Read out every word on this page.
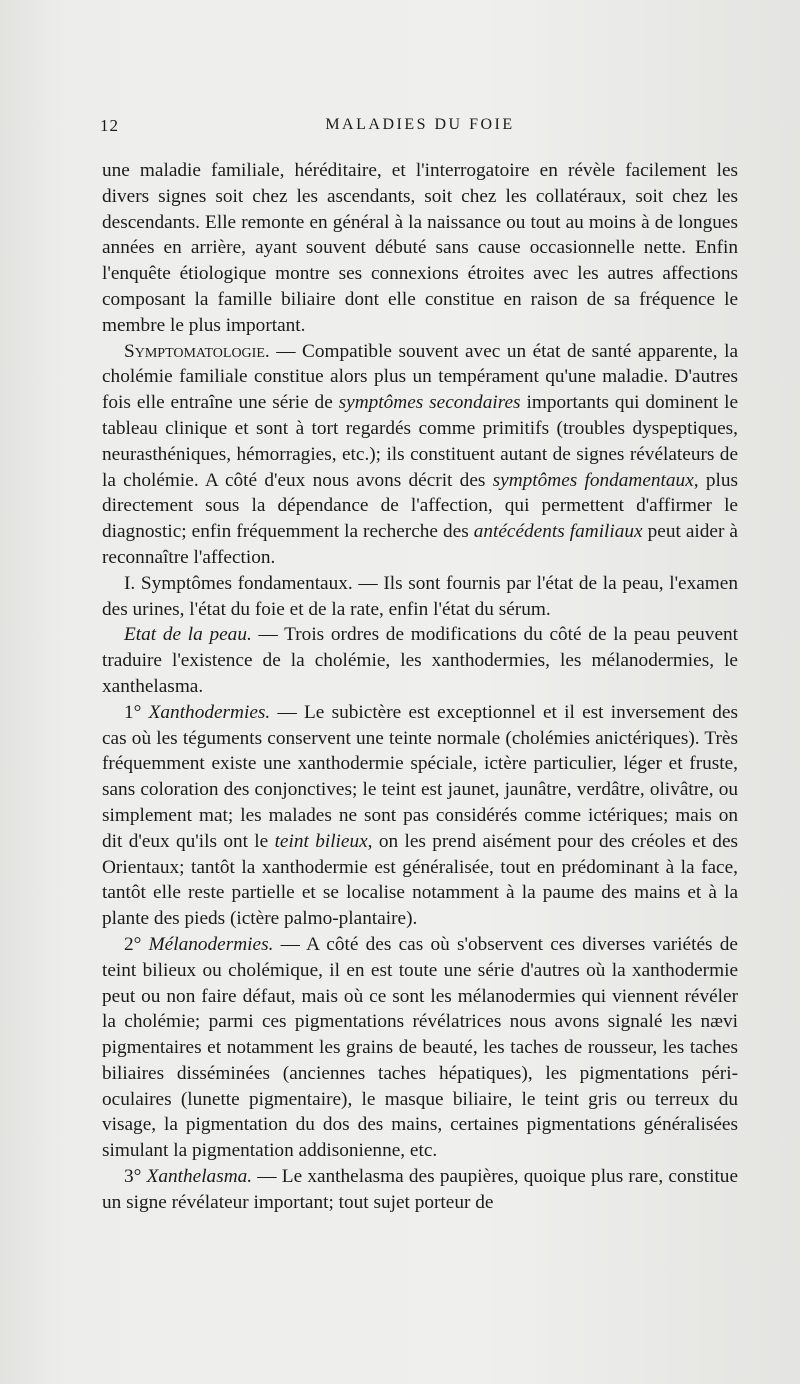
12	MALADIES DU FOIE

une maladie familiale, héréditaire, et l'interrogatoire en révèle facilement les divers signes soit chez les ascendants, soit chez les collatéraux, soit chez les descendants. Elle remonte en général à la naissance ou tout au moins à de longues années en arrière, ayant souvent débuté sans cause occasionnelle nette. Enfin l'enquête étiologique montre ses connexions étroites avec les autres affections composant la famille biliaire dont elle constitue en raison de sa fréquence le membre le plus important.

Symptomatologie. — Compatible souvent avec un état de santé apparente, la cholémie familiale constitue alors plus un tempérament qu'une maladie. D'autres fois elle entraîne une série de symptômes secondaires importants qui dominent le tableau clinique et sont à tort regardés comme primitifs (troubles dyspeptiques, neurasthéniques, hémorragies, etc.); ils constituent autant de signes révélateurs de la cholémie. A côté d'eux nous avons décrit des symptômes fondamentaux, plus directement sous la dépendance de l'affection, qui permettent d'affirmer le diagnostic; enfin fréquemment la recherche des antécédents familiaux peut aider à reconnaître l'affection.

I. Symptômes fondamentaux. — Ils sont fournis par l'état de la peau, l'examen des urines, l'état du foie et de la rate, enfin l'état du sérum.

Etat de la peau. — Trois ordres de modifications du côté de la peau peuvent traduire l'existence de la cholémie, les xanthodermies, les mélanodermies, le xanthelasma.

1° Xanthodermies. — Le subictère est exceptionnel et il est inversement des cas où les téguments conservent une teinte normale (cholémies anictériques). Très fréquemment existe une xanthodermie spéciale, ictère particulier, léger et fruste, sans coloration des conjonctives; le teint est jaunet, jaunâtre, verdâtre, olivâtre, ou simplement mat; les malades ne sont pas considérés comme ictériques; mais on dit d'eux qu'ils ont le teint bilieux, on les prend aisément pour des créoles et des Orientaux; tantôt la xanthodermie est généralisée, tout en prédominant à la face, tantôt elle reste partielle et se localise notamment à la paume des mains et à la plante des pieds (ictère palmo-plantaire).

2° Mélanodermies. — A côté des cas où s'observent ces diverses variétés de teint bilieux ou cholémique, il en est toute une série d'autres où la xanthodermie peut ou non faire défaut, mais où ce sont les mélanodermies qui viennent révéler la cholémie; parmi ces pigmentations révélatrices nous avons signalé les nævi pigmentaires et notamment les grains de beauté, les taches de rousseur, les taches biliaires disséminées (anciennes taches hépatiques), les pigmentations péri-oculaires (lunette pigmentaire), le masque biliaire, le teint gris ou terreux du visage, la pigmentation du dos des mains, certaines pigmentations généralisées simulant la pigmentation addisonienne, etc.

3° Xanthelasma. — Le xanthelasma des paupières, quoique plus rare, constitue un signe révélateur important; tout sujet porteur de
